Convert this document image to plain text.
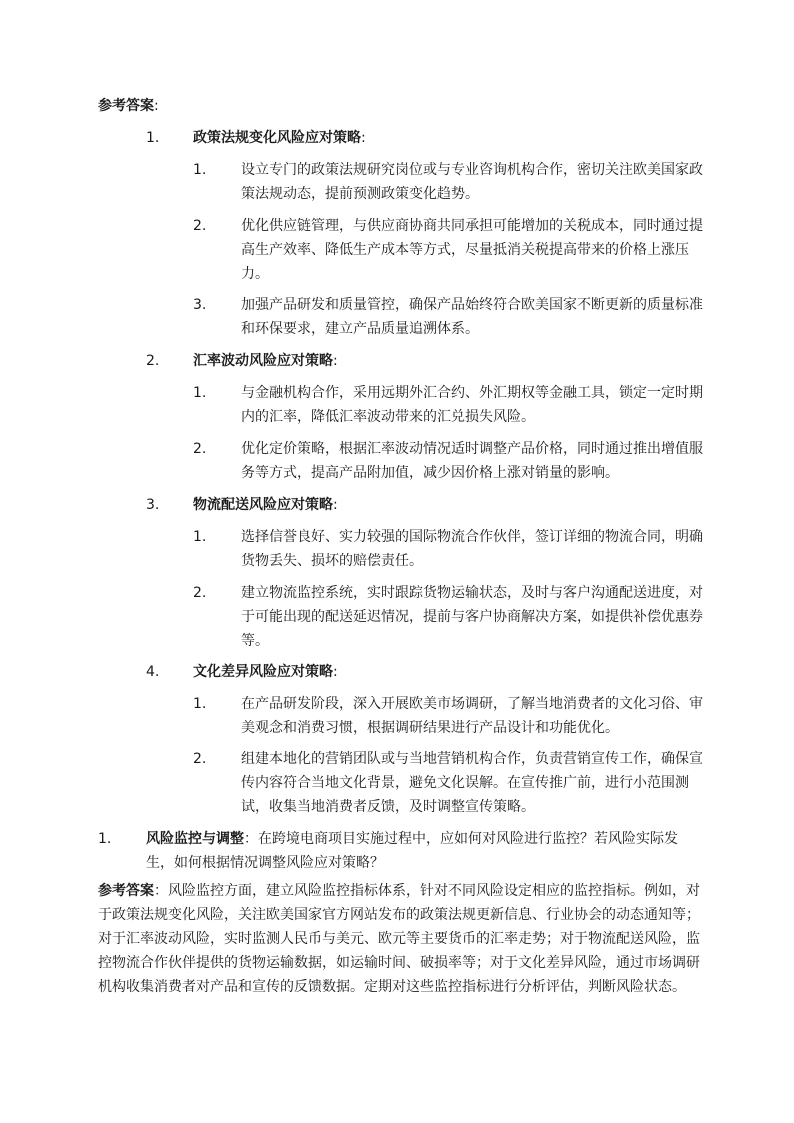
参考答案:
1. 政策法规变化风险应对策略:
1. 设立专门的政策法规研究岗位或与专业咨询机构合作，密切关注欧美国家政策法规动态，提前预测政策变化趋势。
2. 优化供应链管理，与供应商协商共同承担可能增加的关税成本，同时通过提高生产效率、降低生产成本等方式，尽量抵消关税提高带来的价格上涨压力。
3. 加强产品研发和质量管控，确保产品始终符合欧美国家不断更新的质量标准和环保要求，建立产品质量追溯体系。
2. 汇率波动风险应对策略:
1. 与金融机构合作，采用远期外汇合约、外汇期权等金融工具，锁定一定时期内的汇率，降低汇率波动带来的汇兑损失风险。
2. 优化定价策略，根据汇率波动情况适时调整产品价格，同时通过推出增值服务等方式，提高产品附加值，减少因价格上涨对销量的影响。
3. 物流配送风险应对策略:
1. 选择信誉良好、实力较强的国际物流合作伙伴，签订详细的物流合同，明确货物丢失、损坏的赔偿责任。
2. 建立物流监控系统，实时跟踪货物运输状态，及时与客户沟通配送进度，对于可能出现的配送延迟情况，提前与客户协商解决方案，如提供补偿优惠券等。
4. 文化差异风险应对策略:
1. 在产品研发阶段，深入开展欧美市场调研，了解当地消费者的文化习俗、审美观念和消费习惯，根据调研结果进行产品设计和功能优化。
2. 组建本地化的营销团队或与当地营销机构合作，负责营销宣传工作，确保宣传内容符合当地文化背景，避免文化误解。在宣传推广前，进行小范围测试，收集当地消费者反馈，及时调整宣传策略。
1. 风险监控与调整：在跨境电商项目实施过程中，应如何对风险进行监控？若风险实际发生，如何根据情况调整风险应对策略？
参考答案：风险监控方面，建立风险监控指标体系，针对不同风险设定相应的监控指标。例如，对于政策法规变化风险，关注欧美国家官方网站发布的政策法规更新信息、行业协会的动态通知等；对于汇率波动风险，实时监测人民币与美元、欧元等主要货币的汇率走势；对于物流配送风险，监控物流合作伙伴提供的货物运输数据，如运输时间、破损率等；对于文化差异风险，通过市场调研机构收集消费者对产品和宣传的反馈数据。定期对这些监控指标进行分析评估，判断风险状态。
